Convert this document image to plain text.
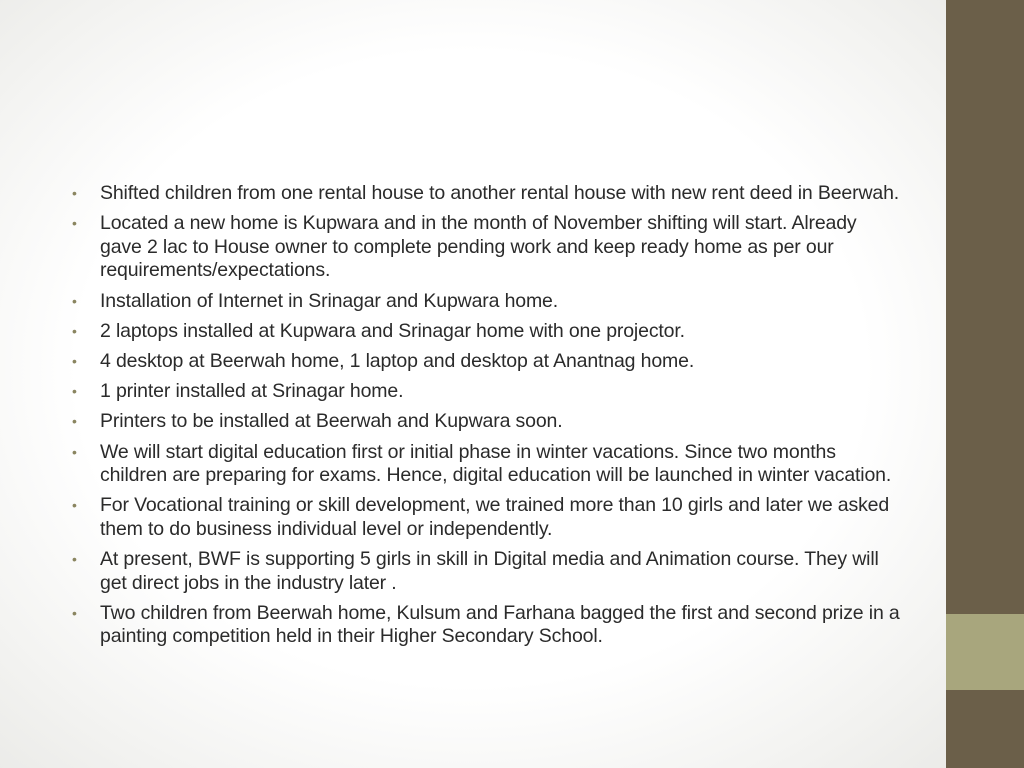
• Shifted children from one rental house to another rental house with new rent deed in Beerwah.
• Located a new home is Kupwara and in the month of November shifting will start. Already gave 2 lac to House owner to complete pending work and keep ready home as per our requirements/expectations.
• Installation of Internet in Srinagar and Kupwara home.
• 2 laptops installed at Kupwara and Srinagar home with one projector.
• 4 desktop at Beerwah home, 1 laptop and desktop at Anantnag home.
• 1 printer installed at Srinagar home.
• Printers to be installed at Beerwah and Kupwara soon.
• We will start digital education first or initial phase in winter vacations. Since two months children are preparing for exams. Hence, digital education will be launched in winter vacation.
• For Vocational training or skill development, we trained more than 10 girls and later we asked them to do business individual level or independently.
• At present, BWF is supporting 5 girls in skill in Digital media and Animation course. They will get direct jobs in the industry later .
• Two children from Beerwah home, Kulsum and Farhana bagged the first and second prize in a painting competition held in their Higher Secondary School.
